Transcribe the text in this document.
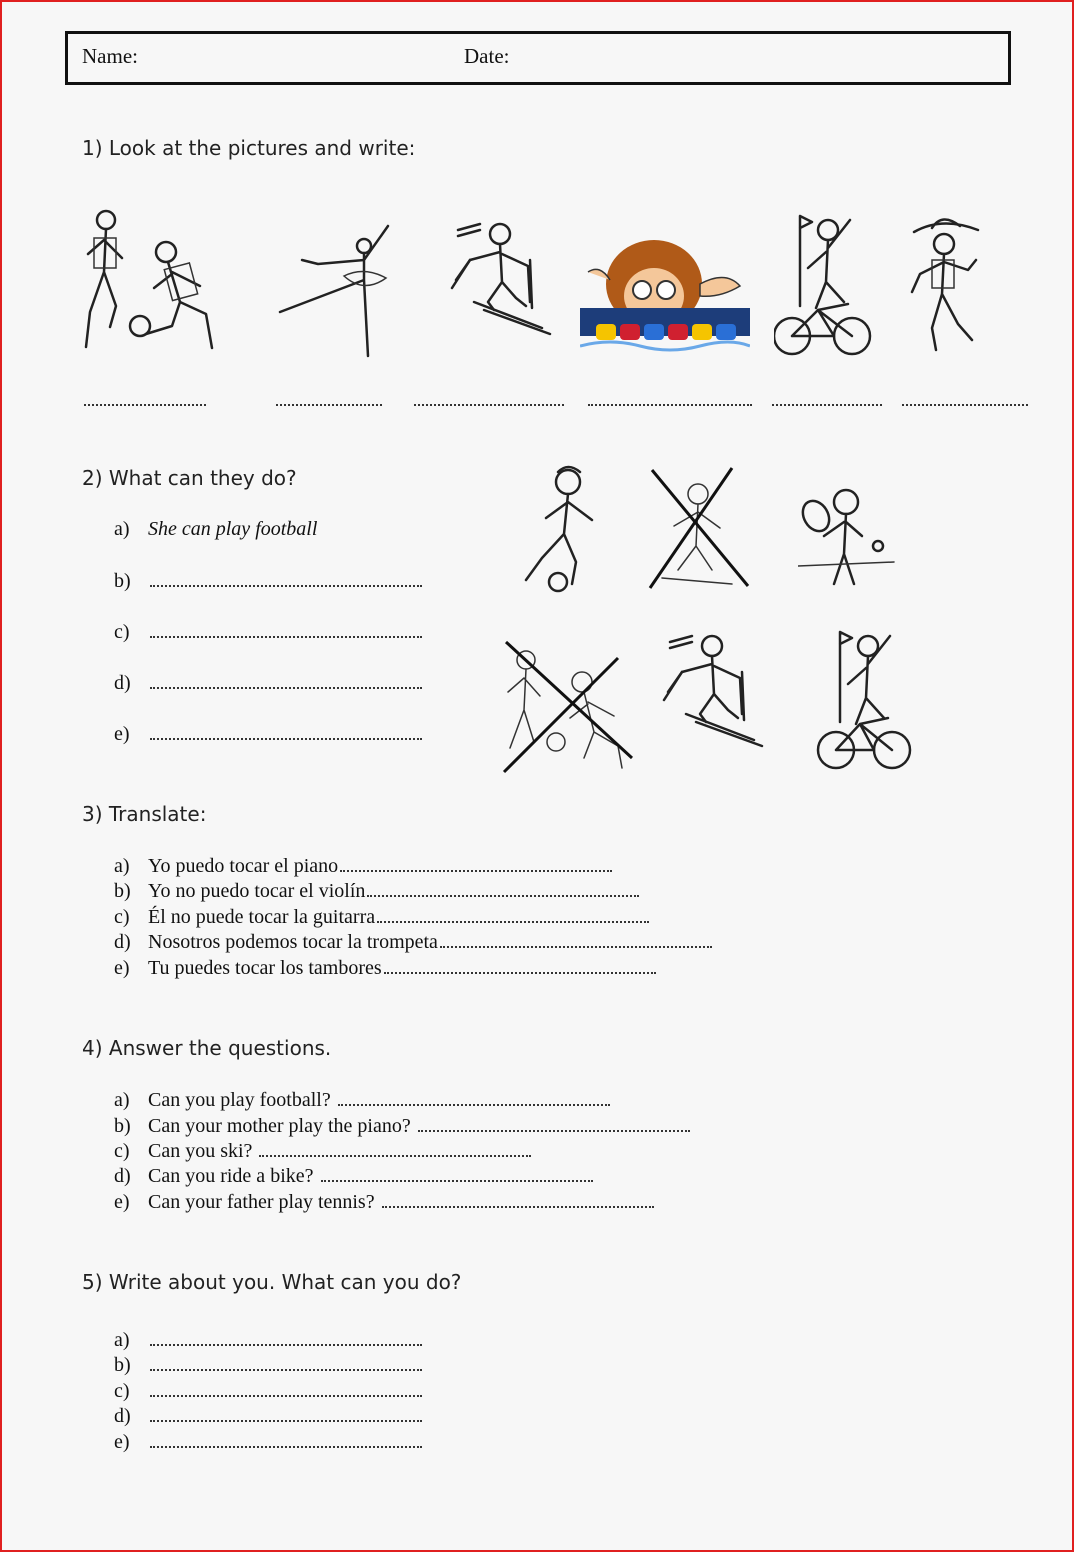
Name:	Date:
1) Look at the pictures and write:
2) What can they do?
a) She can play football
b)
c)
d)
e)
3) Translate:
a) Yo puedo tocar el piano
b) Yo no puedo tocar el violín
c) Él no puede tocar la guitarra
d) Nosotros podemos tocar la trompeta
e) Tu puedes tocar los tambores
4) Answer the questions.
a) Can you play football?
b) Can your mother play the piano?
c) Can you ski?
d) Can you ride a bike?
e) Can your father play tennis?
5) Write about you. What can you do?
a)
b)
c)
d)
e)
